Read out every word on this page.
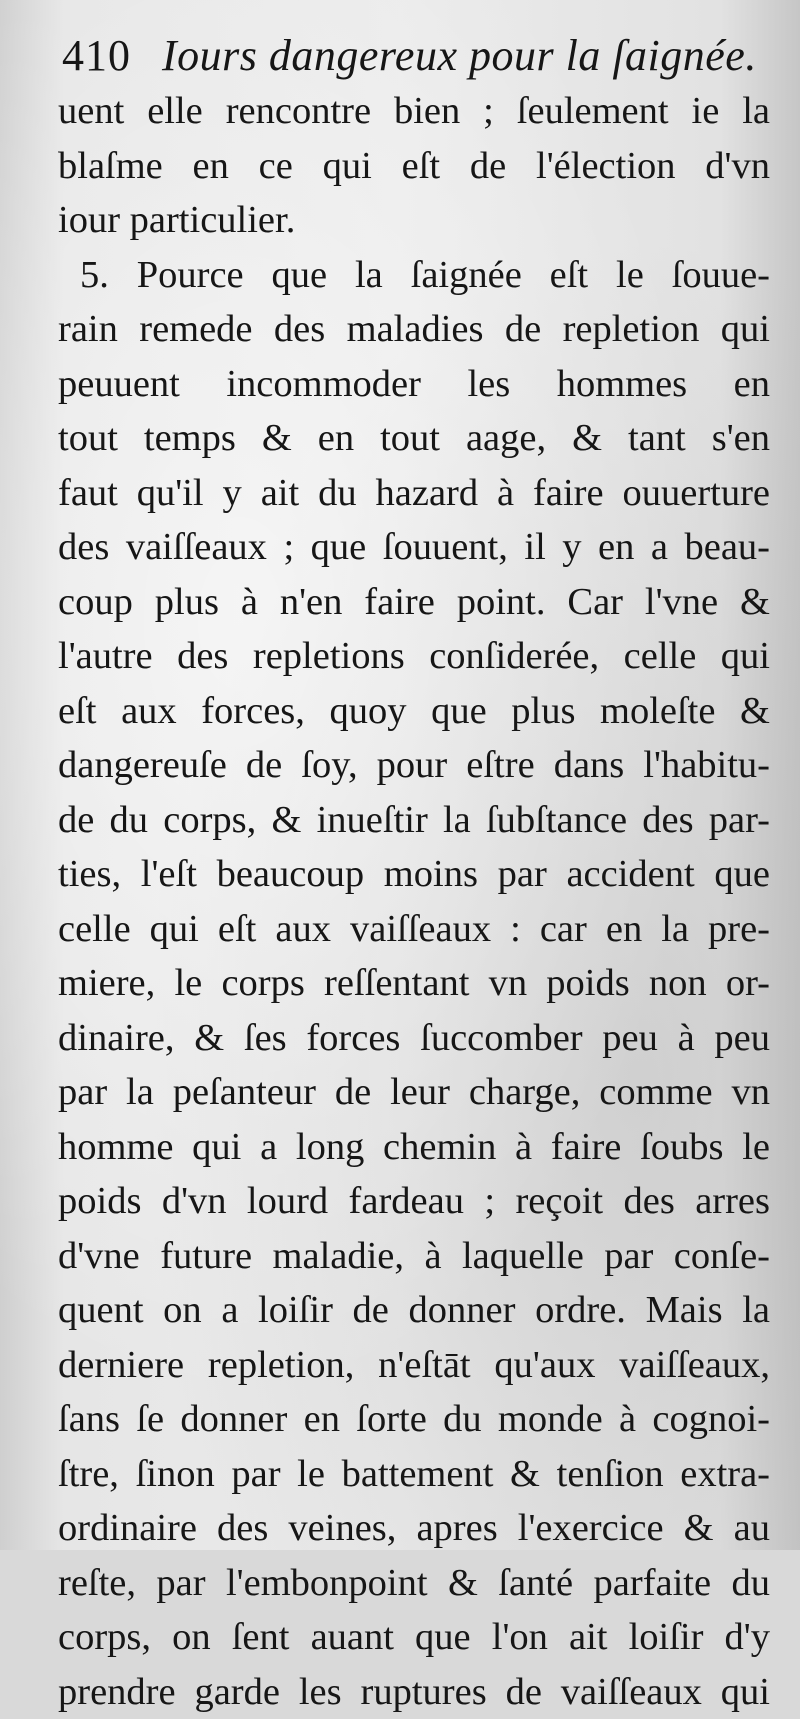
410 Iours dangereux pour la ſaignée.
uent elle rencontre bien ; ſeulement ie la
blaſme en ce qui eſt de l'élection d'vn
iour particulier.
5. Pource que la ſaignée eſt le ſouue-
rain remede des maladies de repletion qui
peuuent incommoder les hommes en
tout temps & en tout aage, & tant s'en
faut qu'il y ait du hazard à faire ouuerture
des vaiſſeaux ; que ſouuent, il y en a beau-
coup plus à n'en faire point. Car l'vne &
l'autre des repletions conſiderée, celle qui
eſt aux forces, quoy que plus moleſte &
dangereuſe de ſoy, pour eſtre dans l'habitu-
de du corps, & inueſtir la ſubſtance des par-
ties, l'eſt beaucoup moins par accident que
celle qui eſt aux vaiſſeaux : car en la pre-
miere, le corps reſſentant vn poids non or-
dinaire, & ſes forces ſuccomber peu à peu
par la peſanteur de leur charge, comme vn
homme qui a long chemin à faire ſoubs le
poids d'vn lourd fardeau ; reçoit des arres
d'vne future maladie, à laquelle par conſe-
quent on a loiſir de donner ordre. Mais la
derniere repletion, n'eſtāt qu'aux vaiſſeaux,
ſans ſe donner en ſorte du monde à cognoi-
ſtre, ſinon par le battement & tenſion extra-
ordinaire des veines, apres l'exercice & au
reſte, par l'embonpoint & ſanté parfaite du
corps, on ſent auant que l'on ait loiſir d'y
prendre garde les ruptures de vaiſſeaux qui
